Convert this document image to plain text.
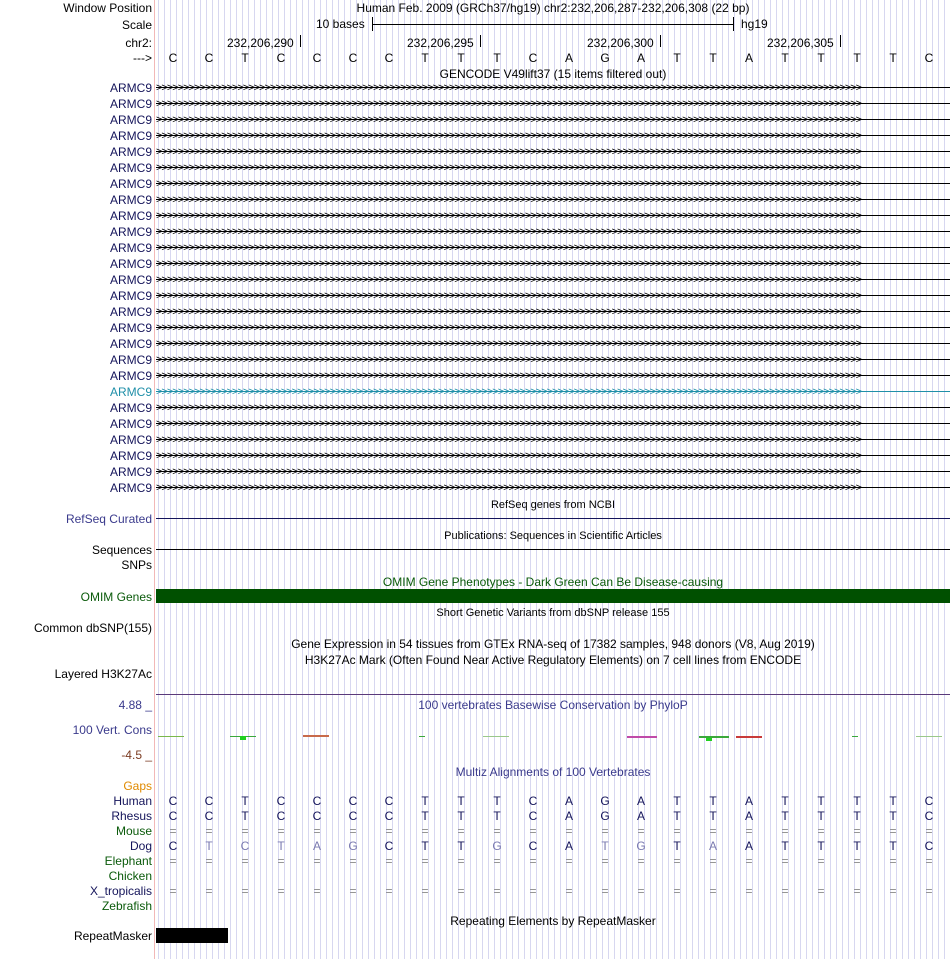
Window Position	Human Feb. 2009 (GRCh37/hg19) chr2:232,206,287-232,206,308 (22 bp)
Scale	10 bases	hg19
chr2:	232,206,290	232,206,295	232,206,300	232,206,305
--->	C	C	T	C	C	C	C	T	T	T	C	A	G	A	T	T	A	T	T	T	T	C
GENCODE V49lift37 (15 items filtered out)
ARMC9 >>>>>>>>>>>>>>>>>>>>>>>>>>>>>>>>>>>>>>>>>>>>>>>>>>>>>>>>>>>>>>>>>>>>>>>>>>>>>>>>>>>>>>>>>>>>>>>>>>>>>>>>>>>>>>>>>>>>>>>>>>>>>>>>>>
ARMC9 >>>>>>>>>>>>>>>>>>>>>>>>>>>>>>>>>>>>>>>>>>>>>>>>>>>>>>>>>>>>>>>>>>>>>>>>>>>>>>>>>>>>>>>>>>>>>>>>>>>>>>>>>>>>>>>>>>>>>>>>>>>>>>>>>>
ARMC9 >>>>>>>>>>>>>>>>>>>>>>>>>>>>>>>>>>>>>>>>>>>>>>>>>>>>>>>>>>>>>>>>>>>>>>>>>>>>>>>>>>>>>>>>>>>>>>>>>>>>>>>>>>>>>>>>>>>>>>>>>>>>>>>>>>
ARMC9 >>>>>>>>>>>>>>>>>>>>>>>>>>>>>>>>>>>>>>>>>>>>>>>>>>>>>>>>>>>>>>>>>>>>>>>>>>>>>>>>>>>>>>>>>>>>>>>>>>>>>>>>>>>>>>>>>>>>>>>>>>>>>>>>>>
ARMC9 >>>>>>>>>>>>>>>>>>>>>>>>>>>>>>>>>>>>>>>>>>>>>>>>>>>>>>>>>>>>>>>>>>>>>>>>>>>>>>>>>>>>>>>>>>>>>>>>>>>>>>>>>>>>>>>>>>>>>>>>>>>>>>>>>>
ARMC9 >>>>>>>>>>>>>>>>>>>>>>>>>>>>>>>>>>>>>>>>>>>>>>>>>>>>>>>>>>>>>>>>>>>>>>>>>>>>>>>>>>>>>>>>>>>>>>>>>>>>>>>>>>>>>>>>>>>>>>>>>>>>>>>>>>
ARMC9 >>>>>>>>>>>>>>>>>>>>>>>>>>>>>>>>>>>>>>>>>>>>>>>>>>>>>>>>>>>>>>>>>>>>>>>>>>>>>>>>>>>>>>>>>>>>>>>>>>>>>>>>>>>>>>>>>>>>>>>>>>>>>>>>>>
ARMC9 >>>>>>>>>>>>>>>>>>>>>>>>>>>>>>>>>>>>>>>>>>>>>>>>>>>>>>>>>>>>>>>>>>>>>>>>>>>>>>>>>>>>>>>>>>>>>>>>>>>>>>>>>>>>>>>>>>>>>>>>>>>>>>>>>>
ARMC9 >>>>>>>>>>>>>>>>>>>>>>>>>>>>>>>>>>>>>>>>>>>>>>>>>>>>>>>>>>>>>>>>>>>>>>>>>>>>>>>>>>>>>>>>>>>>>>>>>>>>>>>>>>>>>>>>>>>>>>>>>>>>>>>>>>
ARMC9 >>>>>>>>>>>>>>>>>>>>>>>>>>>>>>>>>>>>>>>>>>>>>>>>>>>>>>>>>>>>>>>>>>>>>>>>>>>>>>>>>>>>>>>>>>>>>>>>>>>>>>>>>>>>>>>>>>>>>>>>>>>>>>>>>>
ARMC9 >>>>>>>>>>>>>>>>>>>>>>>>>>>>>>>>>>>>>>>>>>>>>>>>>>>>>>>>>>>>>>>>>>>>>>>>>>>>>>>>>>>>>>>>>>>>>>>>>>>>>>>>>>>>>>>>>>>>>>>>>>>>>>>>>>
ARMC9 >>>>>>>>>>>>>>>>>>>>>>>>>>>>>>>>>>>>>>>>>>>>>>>>>>>>>>>>>>>>>>>>>>>>>>>>>>>>>>>>>>>>>>>>>>>>>>>>>>>>>>>>>>>>>>>>>>>>>>>>>>>>>>>>>>
ARMC9 >>>>>>>>>>>>>>>>>>>>>>>>>>>>>>>>>>>>>>>>>>>>>>>>>>>>>>>>>>>>>>>>>>>>>>>>>>>>>>>>>>>>>>>>>>>>>>>>>>>>>>>>>>>>>>>>>>>>>>>>>>>>>>>>>>
ARMC9 >>>>>>>>>>>>>>>>>>>>>>>>>>>>>>>>>>>>>>>>>>>>>>>>>>>>>>>>>>>>>>>>>>>>>>>>>>>>>>>>>>>>>>>>>>>>>>>>>>>>>>>>>>>>>>>>>>>>>>>>>>>>>>>>>>
ARMC9 >>>>>>>>>>>>>>>>>>>>>>>>>>>>>>>>>>>>>>>>>>>>>>>>>>>>>>>>>>>>>>>>>>>>>>>>>>>>>>>>>>>>>>>>>>>>>>>>>>>>>>>>>>>>>>>>>>>>>>>>>>>>>>>>>>
ARMC9 >>>>>>>>>>>>>>>>>>>>>>>>>>>>>>>>>>>>>>>>>>>>>>>>>>>>>>>>>>>>>>>>>>>>>>>>>>>>>>>>>>>>>>>>>>>>>>>>>>>>>>>>>>>>>>>>>>>>>>>>>>>>>>>>>>
ARMC9 >>>>>>>>>>>>>>>>>>>>>>>>>>>>>>>>>>>>>>>>>>>>>>>>>>>>>>>>>>>>>>>>>>>>>>>>>>>>>>>>>>>>>>>>>>>>>>>>>>>>>>>>>>>>>>>>>>>>>>>>>>>>>>>>>>
ARMC9 >>>>>>>>>>>>>>>>>>>>>>>>>>>>>>>>>>>>>>>>>>>>>>>>>>>>>>>>>>>>>>>>>>>>>>>>>>>>>>>>>>>>>>>>>>>>>>>>>>>>>>>>>>>>>>>>>>>>>>>>>>>>>>>>>>
ARMC9 >>>>>>>>>>>>>>>>>>>>>>>>>>>>>>>>>>>>>>>>>>>>>>>>>>>>>>>>>>>>>>>>>>>>>>>>>>>>>>>>>>>>>>>>>>>>>>>>>>>>>>>>>>>>>>>>>>>>>>>>>>>>>>>>>>
ARMC9 >>>>>>>>>>>>>>>>>>>>>>>>>>>>>>>>>>>>>>>>>>>>>>>>>>>>>>>>>>>>>>>>>>>>>>>>>>>>>>>>>>>>>>>>>>>>>>>>>>>>>>>>>>>>>>>>>>>>>>>>>>>>>>>>>>
ARMC9 >>>>>>>>>>>>>>>>>>>>>>>>>>>>>>>>>>>>>>>>>>>>>>>>>>>>>>>>>>>>>>>>>>>>>>>>>>>>>>>>>>>>>>>>>>>>>>>>>>>>>>>>>>>>>>>>>>>>>>>>>>>>>>>>>>
ARMC9 >>>>>>>>>>>>>>>>>>>>>>>>>>>>>>>>>>>>>>>>>>>>>>>>>>>>>>>>>>>>>>>>>>>>>>>>>>>>>>>>>>>>>>>>>>>>>>>>>>>>>>>>>>>>>>>>>>>>>>>>>>>>>>>>>>
ARMC9 >>>>>>>>>>>>>>>>>>>>>>>>>>>>>>>>>>>>>>>>>>>>>>>>>>>>>>>>>>>>>>>>>>>>>>>>>>>>>>>>>>>>>>>>>>>>>>>>>>>>>>>>>>>>>>>>>>>>>>>>>>>>>>>>>>
ARMC9 >>>>>>>>>>>>>>>>>>>>>>>>>>>>>>>>>>>>>>>>>>>>>>>>>>>>>>>>>>>>>>>>>>>>>>>>>>>>>>>>>>>>>>>>>>>>>>>>>>>>>>>>>>>>>>>>>>>>>>>>>>>>>>>>>>
ARMC9 >>>>>>>>>>>>>>>>>>>>>>>>>>>>>>>>>>>>>>>>>>>>>>>>>>>>>>>>>>>>>>>>>>>>>>>>>>>>>>>>>>>>>>>>>>>>>>>>>>>>>>>>>>>>>>>>>>>>>>>>>>>>>>>>>>
ARMC9 >>>>>>>>>>>>>>>>>>>>>>>>>>>>>>>>>>>>>>>>>>>>>>>>>>>>>>>>>>>>>>>>>>>>>>>>>>>>>>>>>>>>>>>>>>>>>>>>>>>>>>>>>>>>>>>>>>>>>>>>>>>>>>>>>>
RefSeq genes from NCBI
RefSeq Curated
Publications: Sequences in Scientific Articles
Sequences
SNPs
OMIM Gene Phenotypes - Dark Green Can Be Disease-causing
OMIM Genes
Short Genetic Variants from dbSNP release 155
Common dbSNP(155)
Gene Expression in 54 tissues from GTEx RNA-seq of 17382 samples, 948 donors (V8, Aug 2019)
H3K27Ac Mark (Often Found Near Active Regulatory Elements) on 7 cell lines from ENCODE
Layered H3K27Ac
100 vertebrates Basewise Conservation by PhyloP
4.88 _
100 Vert. Cons
-4.5 _
Multiz Alignments of 100 Vertebrates
Gaps
Human	C	C	T	C	C	C	C	T	T	T	C	A	G	A	T	T	A	T	T	T	T	C
Rhesus	C	C	T	C	C	C	C	T	T	T	C	A	G	A	T	T	A	T	T	T	T	C
Mouse	=	=	=	=	=	=	=	=	=	=	=	=	=	=	=	=	=	=	=	=	=	=
Dog	C	T	C	T	A	G	C	T	T	G	C	A	T	G	T	A	A	T	T	T	T	C
Elephant	=	=	=	=	=	=	=	=	=	=	=	=	=	=	=	=	=	=	=	=	=	=
Chicken
X_tropicalis	=	=	=	=	=	=	=	=	=	=	=	=	=	=	=	=	=	=	=	=	=	=
Zebrafish
Repeating Elements by RepeatMasker
RepeatMasker
